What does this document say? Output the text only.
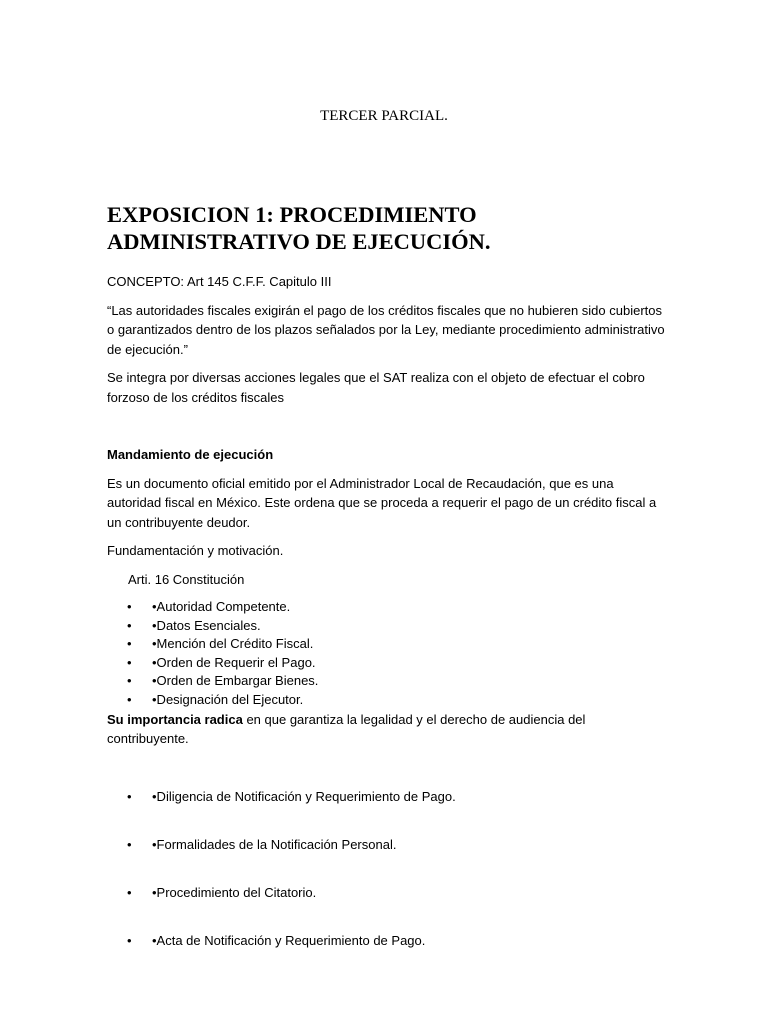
TERCER PARCIAL.
EXPOSICION 1: PROCEDIMIENTO
ADMINISTRATIVO DE EJECUCIÓN.

CONCEPTO: Art 145 C.F.F. Capitulo III

“Las autoridades fiscales exigirán el pago de los créditos fiscales que no hubieren sido cubiertos o garantizados dentro de los plazos señalados por la Ley, mediante procedimiento administrativo de ejecución.”

Se integra por diversas acciones legales que el SAT realiza con el objeto de efectuar el cobro forzoso de los créditos fiscales

Mandamiento de ejecución

Es un documento oficial emitido por el Administrador Local de Recaudación, que es una autoridad fiscal en México. Este ordena que se proceda a requerir el pago de un crédito fiscal a un contribuyente deudor.

Fundamentación y motivación.

Arti. 16 Constitución

• •Autoridad Competente.
• •Datos Esenciales.
• •Mención del Crédito Fiscal.
• •Orden de Requerir el Pago.
• •Orden de Embargar Bienes.
• •Designación del Ejecutor.

Su importancia radica en que garantiza la legalidad y el derecho de audiencia del contribuyente.

• •Diligencia de Notificación y Requerimiento de Pago.
• •Formalidades de la Notificación Personal.
• •Procedimiento del Citatorio.
• •Acta de Notificación y Requerimiento de Pago.
